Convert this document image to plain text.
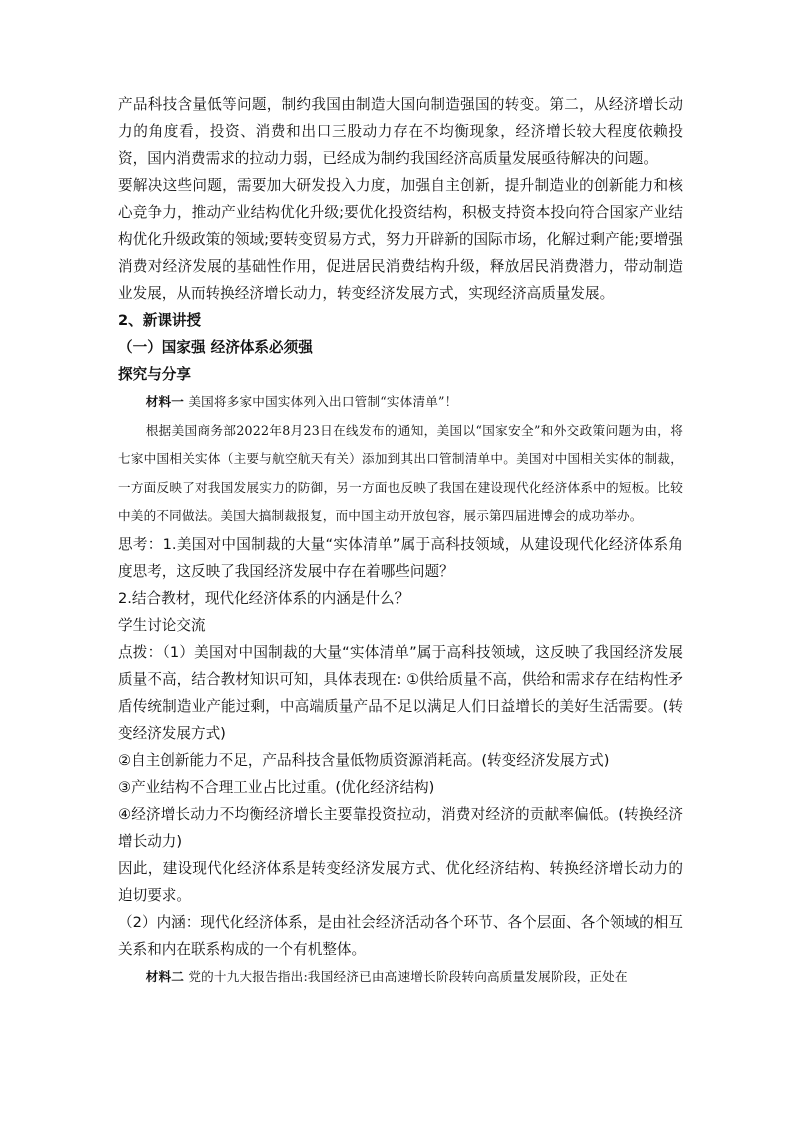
产品科技含量低等问题，制约我国由制造大国向制造强国的转变。第二，从经济增长动力的角度看，投资、消费和出口三股动力存在不均衡现象，经济增长较大程度依赖投资，国内消费需求的拉动力弱，已经成为制约我国经济高质量发展亟待解决的问题。

要解决这些问题，需要加大研发投入力度，加强自主创新，提升制造业的创新能力和核心竞争力，推动产业结构优化升级;要优化投资结构，积极支持资本投向符合国家产业结构优化升级政策的领域;要转变贸易方式，努力开辟新的国际市场，化解过剩产能;要增强消费对经济发展的基础性作用，促进居民消费结构升级，释放居民消费潜力，带动制造业发展，从而转换经济增长动力，转变经济发展方式，实现经济高质量发展。

2、新课讲授

（一）国家强 经济体系必须强

探究与分享

材料一 美国将多家中国实体列入出口管制“实体清单”！

根据美国商务部2022年8月23日在线发布的通知，美国以“国家安全”和外交政策问题为由，将七家中国相关实体（主要与航空航天有关）添加到其出口管制清单中。美国对中国相关实体的制裁，一方面反映了对我国发展实力的防御，另一方面也反映了我国在建设现代化经济体系中的短板。比较中美的不同做法。美国大搞制裁报复，而中国主动开放包容，展示第四届进博会的成功举办。

思考：1.美国对中国制裁的大量“实体清单”属于高科技领域，从建设现代化经济体系角度思考，这反映了我国经济发展中存在着哪些问题？

2.结合教材，现代化经济体系的内涵是什么？

学生讨论交流

点拨：（1）美国对中国制裁的大量“实体清单”属于高科技领域，这反映了我国经济发展质量不高，结合教材知识可知，具体表现在: ①供给质量不高，供给和需求存在结构性矛盾传统制造业产能过剩，中高端质量产品不足以满足人们日益增长的美好生活需要。(转变经济发展方式)

②自主创新能力不足，产品科技含量低物质资源消耗高。(转变经济发展方式)

③产业结构不合理工业占比过重。(优化经济结构)

④经济增长动力不均衡经济增长主要靠投资拉动，消费对经济的贡献率偏低。(转换经济增长动力)

因此，建设现代化经济体系是转变经济发展方式、优化经济结构、转换经济增长动力的迫切要求。

（2）内涵：现代化经济体系，是由社会经济活动各个环节、各个层面、各个领域的相互关系和内在联系构成的一个有机整体。

材料二 党的十九大报告指出:我国经济已由高速增长阶段转向高质量发展阶段，正处在
